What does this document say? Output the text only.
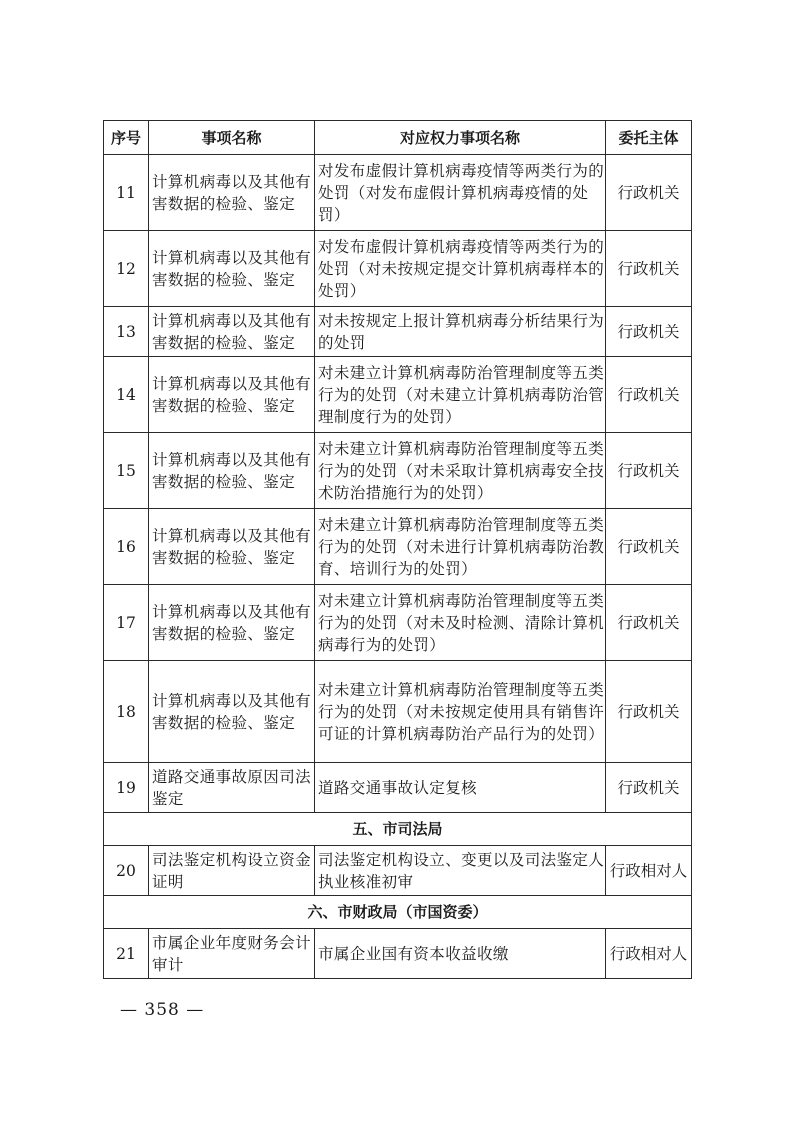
序号	事项名称	对应权力事项名称	委托主体
11	计算机病毒以及其他有害数据的检验、鉴定	对发布虚假计算机病毒疫情等两类行为的处罚（对发布虚假计算机病毒疫情的处罚）	行政机关
12	计算机病毒以及其他有害数据的检验、鉴定	对发布虚假计算机病毒疫情等两类行为的处罚（对未按规定提交计算机病毒样本的处罚）	行政机关
13	计算机病毒以及其他有害数据的检验、鉴定	对未按规定上报计算机病毒分析结果行为的处罚	行政机关
14	计算机病毒以及其他有害数据的检验、鉴定	对未建立计算机病毒防治管理制度等五类行为的处罚（对未建立计算机病毒防治管理制度行为的处罚）	行政机关
15	计算机病毒以及其他有害数据的检验、鉴定	对未建立计算机病毒防治管理制度等五类行为的处罚（对未采取计算机病毒安全技术防治措施行为的处罚）	行政机关
16	计算机病毒以及其他有害数据的检验、鉴定	对未建立计算机病毒防治管理制度等五类行为的处罚（对未进行计算机病毒防治教育、培训行为的处罚）	行政机关
17	计算机病毒以及其他有害数据的检验、鉴定	对未建立计算机病毒防治管理制度等五类行为的处罚（对未及时检测、清除计算机病毒行为的处罚）	行政机关
18	计算机病毒以及其他有害数据的检验、鉴定	对未建立计算机病毒防治管理制度等五类行为的处罚（对未按规定使用具有销售许可证的计算机病毒防治产品行为的处罚）	行政机关
19	道路交通事故原因司法鉴定	道路交通事故认定复核	行政机关
五、市司法局			
20	司法鉴定机构设立资金证明	司法鉴定机构设立、变更以及司法鉴定人执业核准初审	行政相对人
六、市财政局（市国资委）			
21	市属企业年度财务会计审计	市属企业国有资本收益收缴	行政相对人
— 358 —
